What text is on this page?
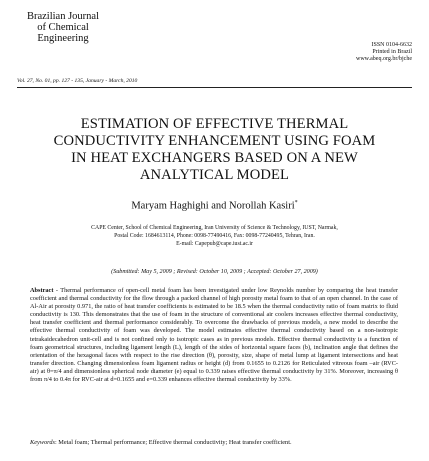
Brazilian Journal
of Chemical
Engineering
ISSN 0104-6632
Printed in Brazil
www.abeq.org.br/bjche
Vol. 27, No. 01, pp. 127 - 135, January - March, 2010
ESTIMATION OF EFFECTIVE THERMAL
CONDUCTIVITY ENHANCEMENT USING FOAM
IN HEAT EXCHANGERS BASED ON A NEW
ANALYTICAL MODEL
Maryam Haghighi and Norollah Kasiri*
CAPE Center, School of Chemical Engineering, Iran University of Science & Technology, IUST, Narmak,
Postal Code: 1684613114, Phone: 0098-77490416, Fax: 0098-77240495, Tehran, Iran.
E-mail: Capepub@cape.iust.ac.ir
(Submitted: May 5, 2009 ; Revised: October 10, 2009 ; Accepted: October 27, 2009)
Abstract - Thermal performance of open-cell metal foam has been investigated under low Reynolds number by comparing the heat transfer coefficient and thermal conductivity for the flow through a packed channel of high porosity metal foam to that of an open channel. In the case of Al-Air at porosity 0.971, the ratio of heat transfer coefficients is estimated to be 18.5 when the thermal conductivity ratio of foam matrix to fluid conductivity is 130. This demonstrates that the use of foam in the structure of conventional air coolers increases effective thermal conductivity, heat transfer coefficient and thermal performance considerably. To overcome the drawbacks of previous models, a new model to describe the effective thermal conductivity of foam was developed. The model estimates effective thermal conductivity based on a non-isotropic tetrakaidecahedron unit-cell and is not confined only to isotropic cases as in previous models. Effective thermal conductivity is a function of foam geometrical structures, including ligament length (L), length of the sides of horizontal square faces (b), inclination angle that defines the orientation of the hexagonal faces with respect to the rise direction (θ), porosity, size, shape of metal lump at ligament intersections and heat transfer direction. Changing dimensionless foam ligament radius or height (d) from 0.1655 to 0.2126 for Reticulated vitreous foam –air (RVC-air) at θ=π/4 and dimensionless spherical node diameter (e) equal to 0.339 raises effective thermal conductivity by 31%. Moreover, increasing θ from π/4 to 0.4π for RVC-air at d=0.1655 and e=0.339 enhances effective thermal conductivity by 33%.
Keywords: Metal foam; Thermal performance; Effective thermal conductivity; Heat transfer coefficient.
